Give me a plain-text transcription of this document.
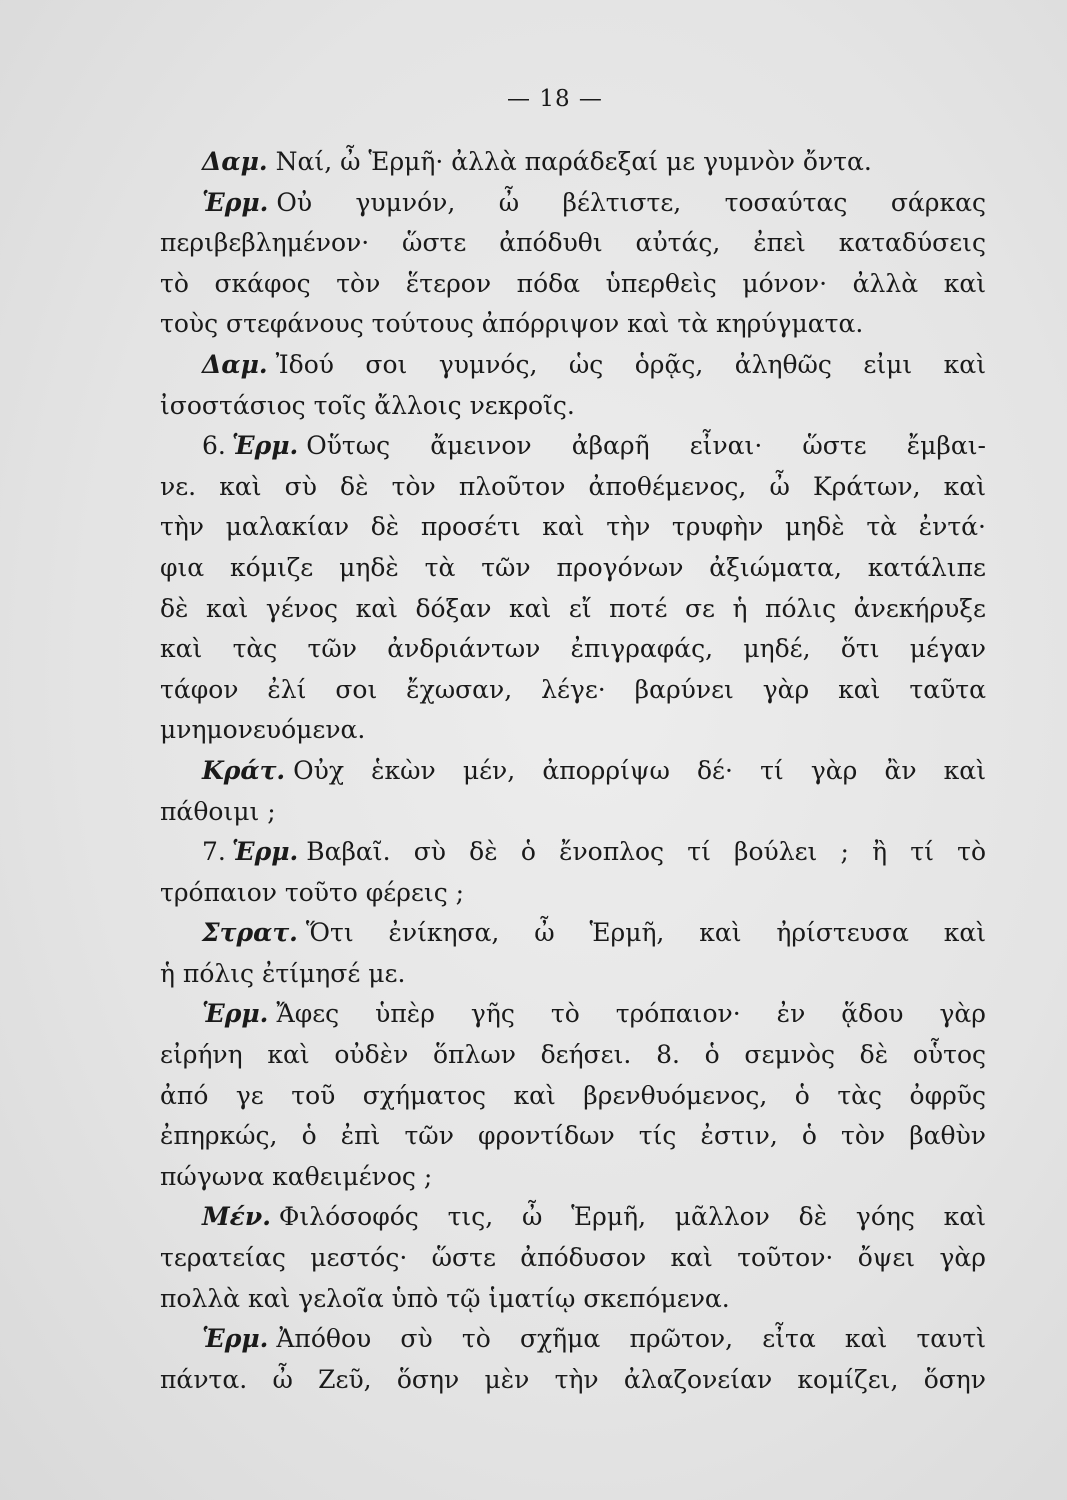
— 18 —
Δαμ. Ναί, ὦ Ἑρμῆ· ἀλλὰ παράδεξαί με γυμνὸν ὄντα.
Ἑρμ. Οὐ γυμνόν, ὦ βέλτιστε, τοσαύτας σάρκας
περιβεβλημένον· ὥστε ἀπόδυθι αὐτάς, ἐπεὶ καταδύσεις
τὸ σκάφος τὸν ἕτερον πόδα ὑπερθεὶς μόνον· ἀλλὰ καὶ
τοὺς στεφάνους τούτους ἀπόρριψον καὶ τὰ κηρύγματα.
Δαμ. Ἰδού σοι γυμνός, ὡς ὁρᾷς, ἀληθῶς εἰμι καὶ
ἰσοστάσιος τοῖς ἄλλοις νεκροῖς.
6. Ἑρμ. Οὕτως ἄμεινον ἀβαρῆ εἶναι· ὥστε ἔμβαι-
νε. καὶ σὺ δὲ τὸν πλοῦτον ἀποθέμενος, ὦ Κράτων, καὶ
τὴν μαλακίαν δὲ προσέτι καὶ τὴν τρυφὴν μηδὲ τὰ ἐντά·
φια κόμιζε μηδὲ τὰ τῶν προγόνων ἀξιώματα, κατάλιπε
δὲ καὶ γένος καὶ δόξαν καὶ εἴ ποτέ σε ἡ πόλις ἀνεκήρυξε
καὶ τὰς τῶν ἀνδριάντων ἐπιγραφάς, μηδέ, ὅτι μέγαν
τάφον ἐλί σοι ἔχωσαν, λέγε· βαρύνει γὰρ καὶ ταῦτα
μνημονευόμενα.
Κράτ. Οὐχ ἑκὼν μέν, ἀπορρίψω δέ· τί γὰρ ἂν καὶ
πάθοιμι ;
7. Ἑρμ. Βαβαῖ. σὺ δὲ ὁ ἔνοπλος τί βούλει ; ἢ τί τὸ
τρόπαιον τοῦτο φέρεις ;
Στρατ. Ὅτι ἐνίκησα, ὦ Ἑρμῆ, καὶ ἠρίστευσα καὶ
ἡ πόλις ἐτίμησέ με.
Ἑρμ. Ἄφες ὑπὲρ γῆς τὸ τρόπαιον· ἐν ᾅδου γὰρ
εἰρήνη καὶ οὐδὲν ὅπλων δεήσει. 8. ὁ σεμνὸς δὲ οὗτος
ἀπό γε τοῦ σχήματος καὶ βρενθυόμενος, ὁ τὰς ὀφρῦς
ἐπηρκώς, ὁ ἐπὶ τῶν φροντίδων τίς ἐστιν, ὁ τὸν βαθὺν
πώγωνα καθειμένος ;
Μέν. Φιλόσοφός τις, ὦ Ἑρμῆ, μᾶλλον δὲ γόης καὶ
τερατείας μεστός· ὥστε ἀπόδυσον καὶ τοῦτον· ὄψει γὰρ
πολλὰ καὶ γελοῖα ὑπὸ τῷ ἱματίῳ σκεπόμενα.
Ἑρμ. Ἀπόθου σὺ τὸ σχῆμα πρῶτον, εἶτα καὶ ταυτὶ
πάντα. ὦ Ζεῦ, ὅσην μὲν τὴν ἀλαζονείαν κομίζει, ὅσην
